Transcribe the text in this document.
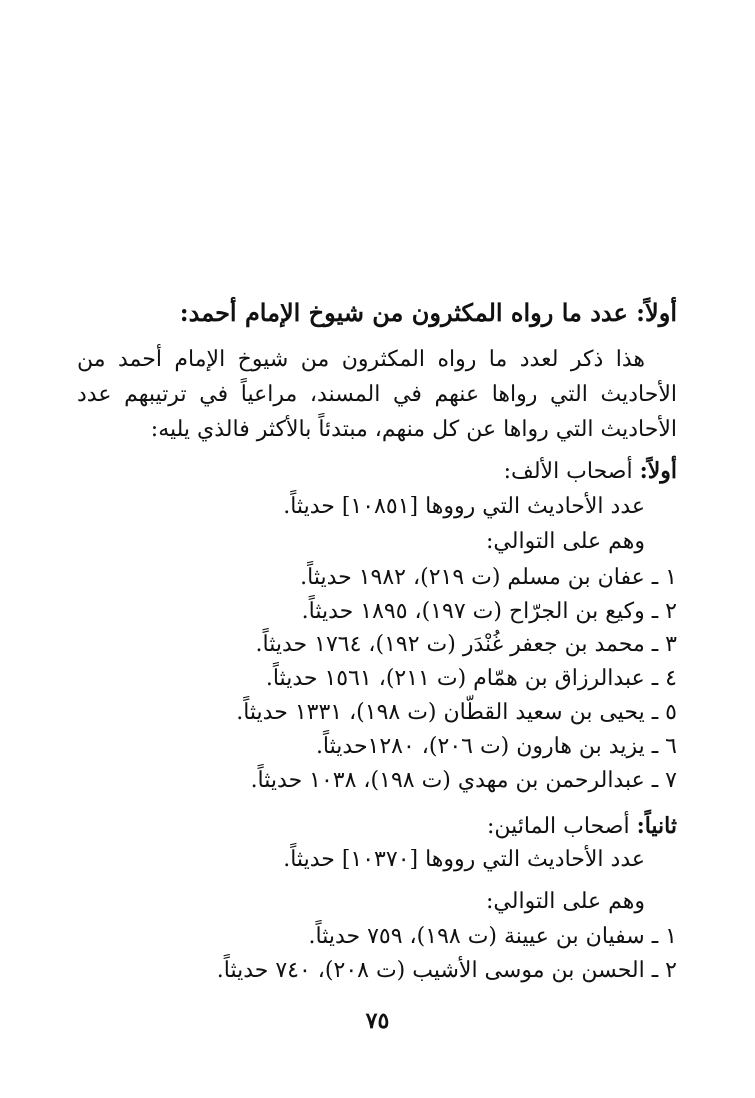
أولاً: عدد ما رواه المكثرون من شيوخ الإمام أحمد:
هذا ذكر لعدد ما رواه المكثرون من شيوخ الإمام أحمد من الأحاديث التي رواها عنهم في المسند، مراعياً في ترتيبهم عدد الأحاديث التي رواها عن كل منهم، مبتدئاً بالأكثر فالذي يليه:
أولاً: أصحاب الألف:
عدد الأحاديث التي رووها [١٠٨٥١] حديثاً.
وهم على التوالي:
١ ـ عفان بن مسلم (ت ٢١٩)، ١٩٨٢ حديثاً.
٢ ـ وكيع بن الجرّاح (ت ١٩٧)، ١٨٩٥ حديثاً.
٣ ـ محمد بن جعفر غُنْدَر (ت ١٩٢)، ١٧٦٤ حديثاً.
٤ ـ عبدالرزاق بن همّام (ت ٢١١)، ١٥٦١ حديثاً.
٥ ـ يحيى بن سعيد القطّان (ت ١٩٨)، ١٣٣١ حديثاً.
٦ ـ يزيد بن هارون (ت ٢٠٦)، ١٢٨٠حديثاً.
٧ ـ عبدالرحمن بن مهدي (ت ١٩٨)، ١٠٣٨ حديثاً.
ثانياً: أصحاب المائين:
عدد الأحاديث التي رووها [١٠٣٧٠] حديثاً.
وهم على التوالي:
١ ـ سفيان بن عيينة (ت ١٩٨)، ٧٥٩ حديثاً.
٢ ـ الحسن بن موسى الأشيب (ت ٢٠٨)، ٧٤٠ حديثاً.
٧٥
